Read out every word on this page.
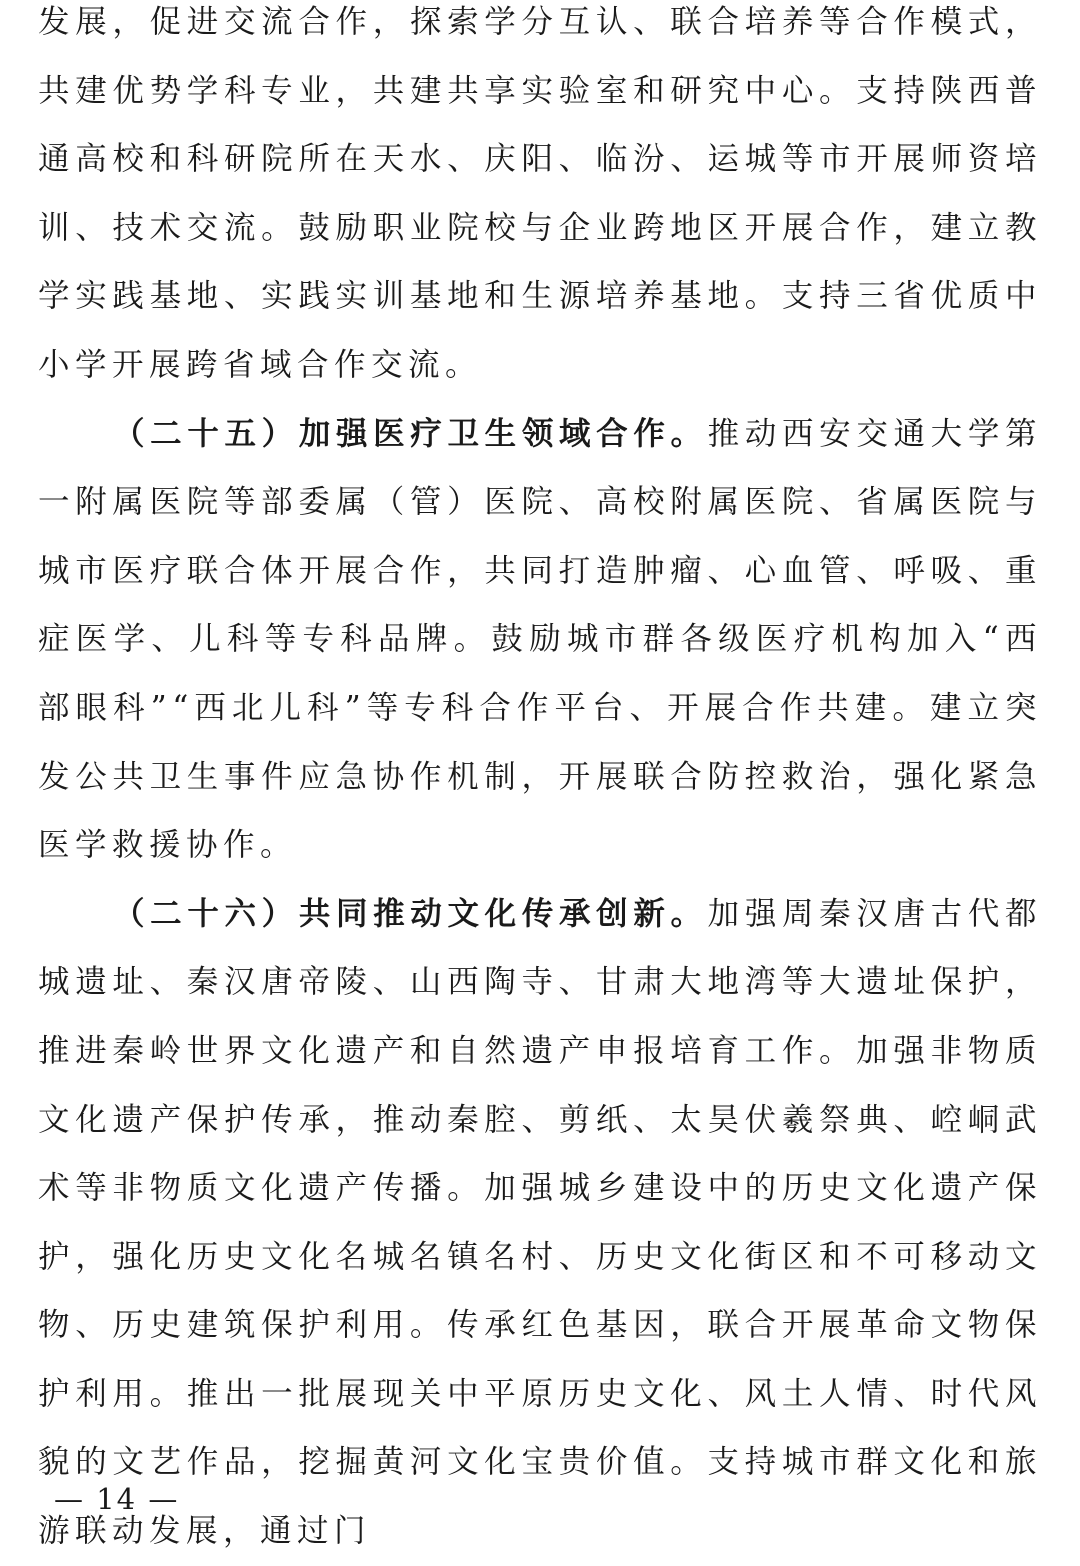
发展，促进交流合作，探索学分互认、联合培养等合作模式，共建优势学科专业，共建共享实验室和研究中心。支持陕西普通高校和科研院所在天水、庆阳、临汾、运城等市开展师资培训、技术交流。鼓励职业院校与企业跨地区开展合作，建立教学实践基地、实践实训基地和生源培养基地。支持三省优质中小学开展跨省域合作交流。

（二十五）加强医疗卫生领域合作。推动西安交通大学第一附属医院等部委属（管）医院、高校附属医院、省属医院与城市医疗联合体开展合作，共同打造肿瘤、心血管、呼吸、重症医学、儿科等专科品牌。鼓励城市群各级医疗机构加入“西部眼科”“西北儿科”等专科合作平台、开展合作共建。建立突发公共卫生事件应急协作机制，开展联合防控救治，强化紧急医学救援协作。

（二十六）共同推动文化传承创新。加强周秦汉唐古代都城遗址、秦汉唐帝陵、山西陶寺、甘肃大地湾等大遗址保护，推进秦岭世界文化遗产和自然遗产申报培育工作。加强非物质文化遗产保护传承，推动秦腔、剪纸、太昊伏羲祭典、崆峒武术等非物质文化遗产传播。加强城乡建设中的历史文化遗产保护，强化历史文化名城名镇名村、历史文化街区和不可移动文物、历史建筑保护利用。传承红色基因，联合开展革命文物保护利用。推出一批展现关中平原历史文化、风土人情、时代风貌的文艺作品，挖掘黄河文化宝贵价值。支持城市群文化和旅游联动发展，通过门

— 14 —
